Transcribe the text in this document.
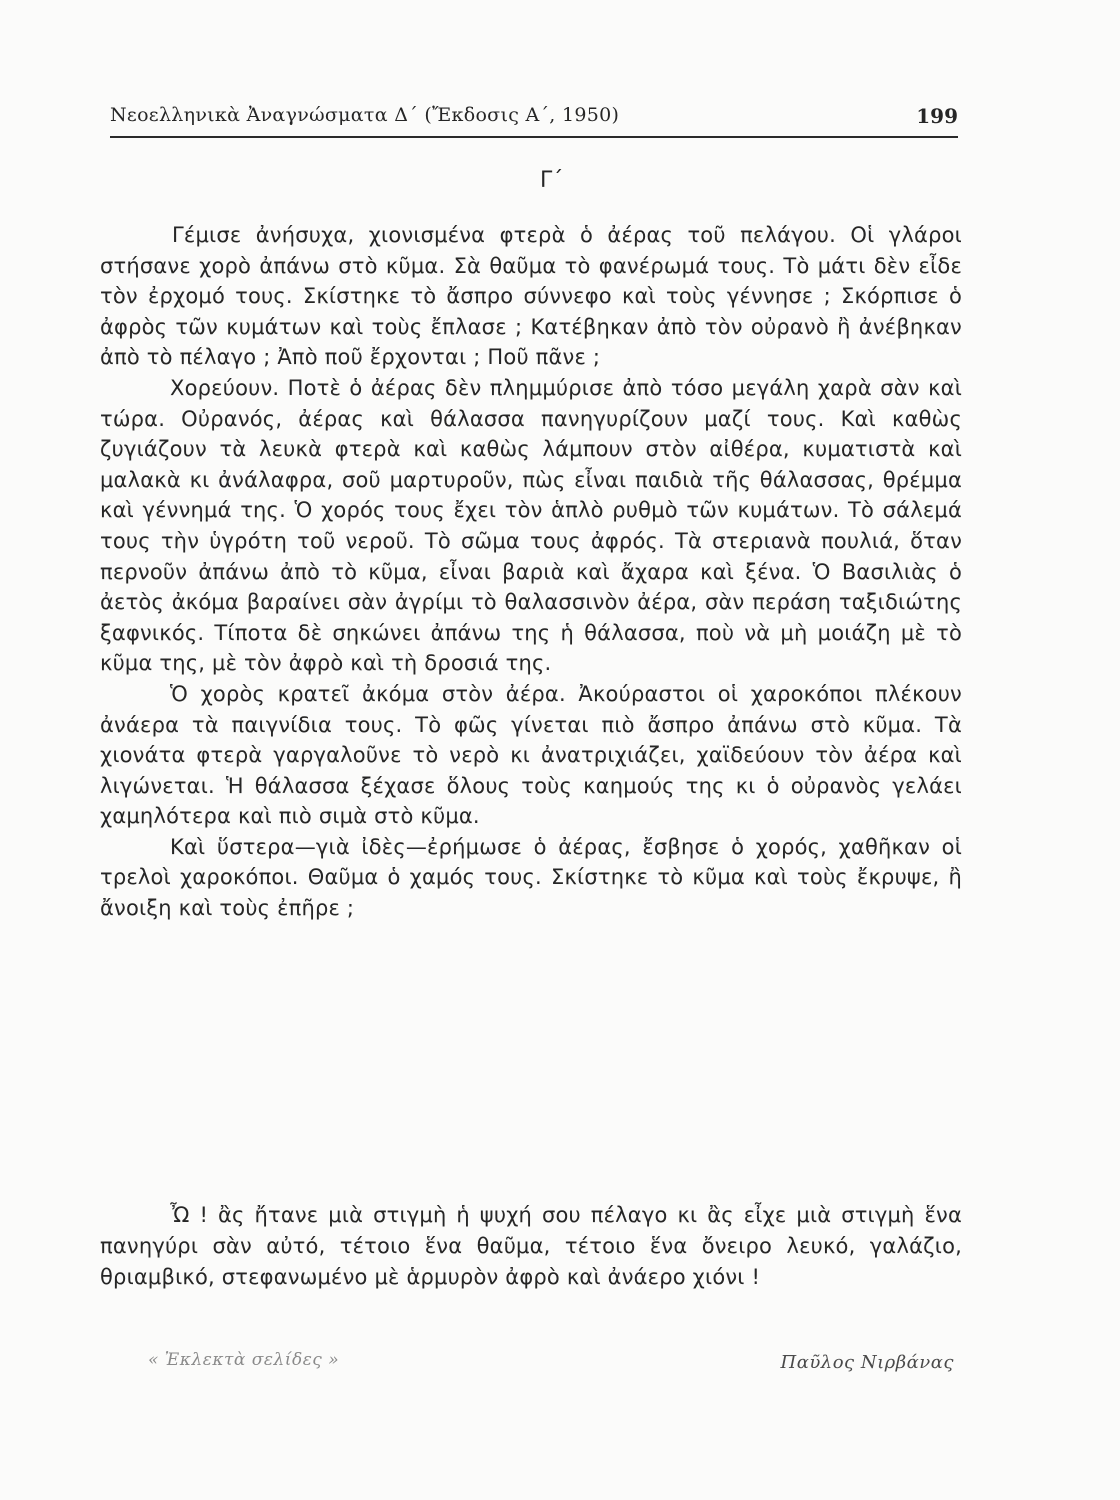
Νεοελληνικὰ Ἀναγνώσματα Δ΄ (Ἔκδοσις Α΄, 1950)	199
Γ΄

Γέμισε ἀνήσυχα, χιονισμένα φτερὰ ὁ ἀέρας τοῦ πελάγου. Οἱ γλάροι στήσανε χορὸ ἀπάνω στὸ κῦμα. Σὰ θαῦμα τὸ φανέρωμά τους. Τὸ μάτι δὲν εἶδε τὸν ἐρχομό τους. Σκίστηκε τὸ ἄσπρο σύννεφο καὶ τοὺς γέννησε ; Σκόρπισε ὁ ἀφρὸς τῶν κυμάτων καὶ τοὺς ἔπλασε ; Κατέβηκαν ἀπὸ τὸν οὐρανὸ ἢ ἀνέβηκαν ἀπὸ τὸ πέλαγο ; Ἀπὸ ποῦ ἔρχονται ; Ποῦ πᾶνε ;

Χορεύουν. Ποτὲ ὁ ἀέρας δὲν πλημμύρισε ἀπὸ τόσο μεγάλη χαρὰ σὰν καὶ τώρα. Οὐρανός, ἀέρας καὶ θάλασσα πανηγυρίζουν μαζί τους. Καὶ καθὼς ζυγιάζουν τὰ λευκὰ φτερὰ καὶ καθὼς λάμπουν στὸν αἰθέρα, κυματιστὰ καὶ μαλακὰ κι ἀνάλαφρα, σοῦ μαρτυροῦν, πὼς εἶναι παιδιὰ τῆς θάλασσας, θρέμμα καὶ γέννημά της. Ὁ χορός τους ἔχει τὸν ἁπλὸ ρυθμὸ τῶν κυμάτων. Τὸ σάλεμά τους τὴν ὑγρότη τοῦ νεροῦ. Τὸ σῶμα τους ἀφρός. Τὰ στεριανὰ πουλιά, ὅταν περνοῦν ἀπάνω ἀπὸ τὸ κῦμα, εἶναι βαριὰ καὶ ἄχαρα καὶ ξένα. Ὁ Βασιλιὰς ὁ ἀετὸς ἀκόμα βαραίνει σὰν ἀγρίμι τὸ θαλασσινὸν ἀέρα, σὰν περάση ταξιδιώτης ξαφνικός. Τίποτα δὲ σηκώνει ἀπάνω της ἡ θάλασσα, ποὺ νὰ μὴ μοιάζη μὲ τὸ κῦμα της, μὲ τὸν ἀφρὸ καὶ τὴ δροσιά της.

Ὁ χορὸς κρατεῖ ἀκόμα στὸν ἀέρα. Ἀκούραστοι οἱ χαροκόποι πλέκουν ἀνάερα τὰ παιγνίδια τους. Τὸ φῶς γίνεται πιὸ ἄσπρο ἀπάνω στὸ κῦμα. Τὰ χιονάτα φτερὰ γαργαλοῦνε τὸ νερὸ κι ἀνατριχιάζει, χαϊδεύουν τὸν ἀέρα καὶ λιγώνεται. Ἡ θάλασσα ξέχασε ὅλους τοὺς καημούς της κι ὁ οὐρανὸς γελάει χαμηλότερα καὶ πιὸ σιμὰ στὸ κῦμα.

Καὶ ὕστερα—γιὰ ἰδὲς—ἐρήμωσε ὁ ἀέρας, ἔσβησε ὁ χορός, χαθῆκαν οἱ τρελοὶ χαροκόποι. Θαῦμα ὁ χαμός τους. Σκίστηκε τὸ κῦμα καὶ τοὺς ἔκρυψε, ἢ ἄνοιξη καὶ τοὺς ἐπῆρε ;

Ὦ ! ἂς ἤτανε μιὰ στιγμὴ ἡ ψυχή σου πέλαγο κι ἂς εἶχε μιὰ στιγμὴ ἕνα πανηγύρι σὰν αὐτό, τέτοιο ἕνα θαῦμα, τέτοιο ἕνα ὄνειρο λευκό, γαλάζιο, θριαμβικό, στεφανωμένο μὲ ἁρμυρὸν ἀφρὸ καὶ ἀνάερο χιόνι !

« Ἐκλεκτὰ σελίδες »	Παῦλος Νιρβάνας
